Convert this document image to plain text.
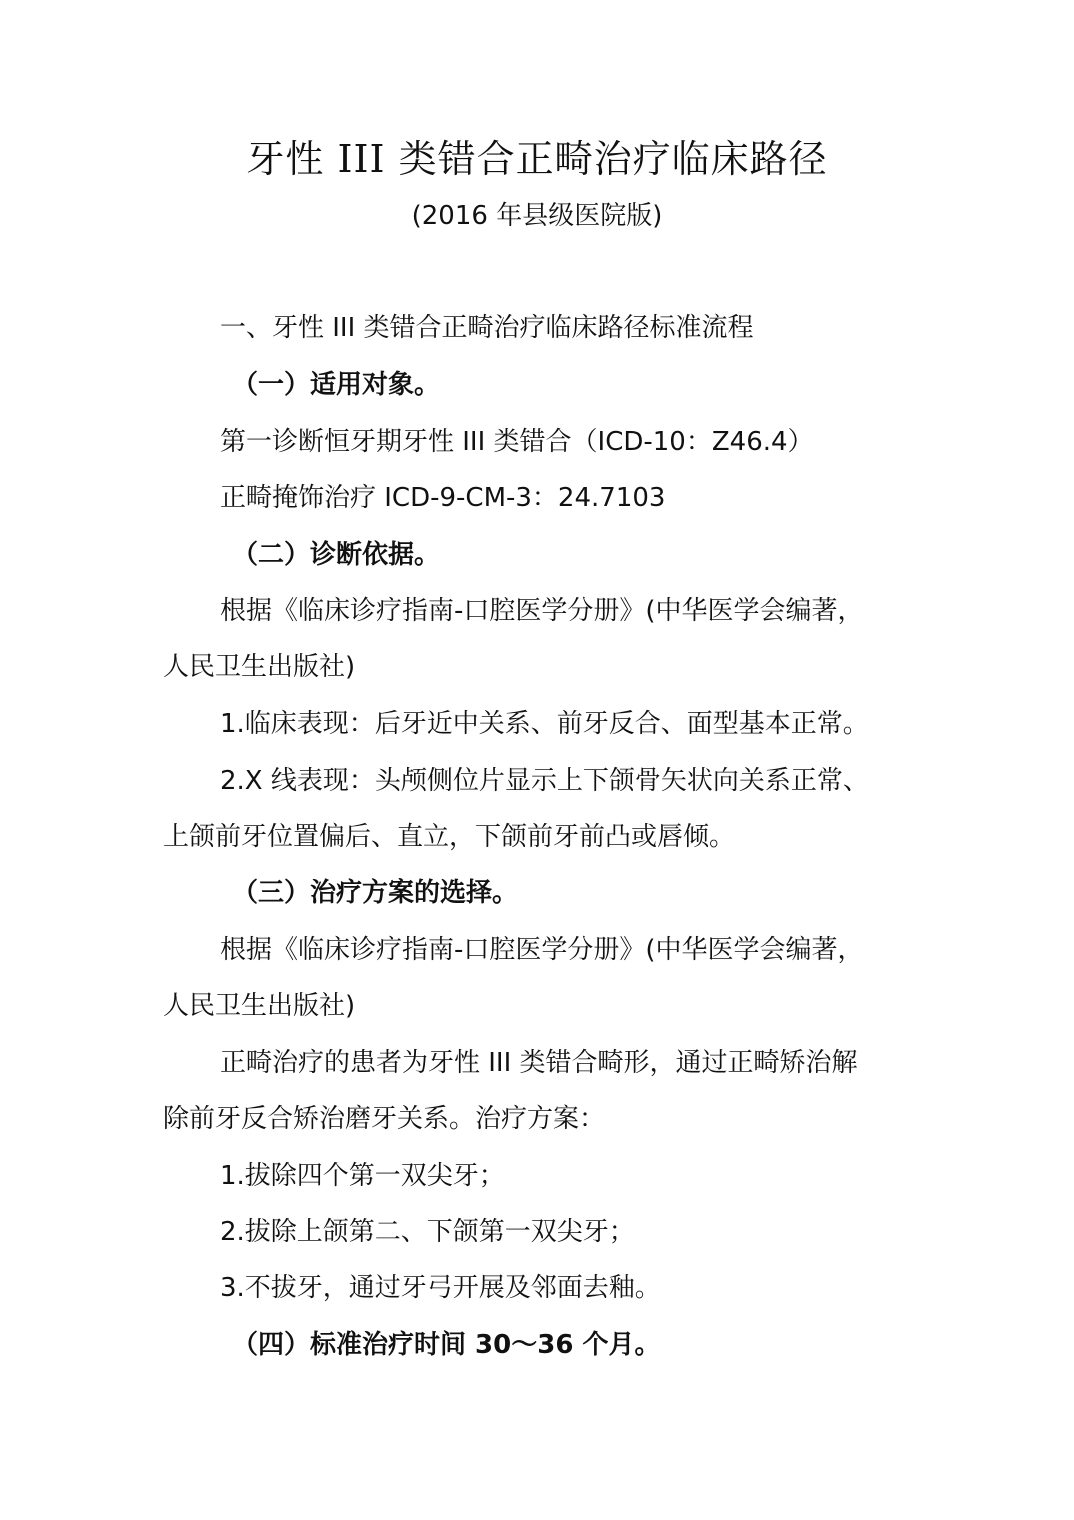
牙性 III 类错合正畸治疗临床路径
(2016 年县级医院版)
一、牙性 III 类错合正畸治疗临床路径标准流程
（一）适用对象。
第一诊断恒牙期牙性 III 类错合（ICD-10：Z46.4）
正畸掩饰治疗 ICD-9-CM-3：24.7103
（二）诊断依据。
根据《临床诊疗指南-口腔医学分册》(中华医学会编著，
人民卫生出版社)
1.临床表现：后牙近中关系、前牙反合、面型基本正常。
2.X 线表现：头颅侧位片显示上下颌骨矢状向关系正常、
上颌前牙位置偏后、直立，下颌前牙前凸或唇倾。
（三）治疗方案的选择。
根据《临床诊疗指南-口腔医学分册》(中华医学会编著，
人民卫生出版社)
正畸治疗的患者为牙性 III 类错合畸形，通过正畸矫治解
除前牙反合矫治磨牙关系。治疗方案：
1.拔除四个第一双尖牙；
2.拔除上颌第二、下颌第一双尖牙；
3.不拔牙，通过牙弓开展及邻面去釉。
（四）标准治疗时间 30～36 个月。
